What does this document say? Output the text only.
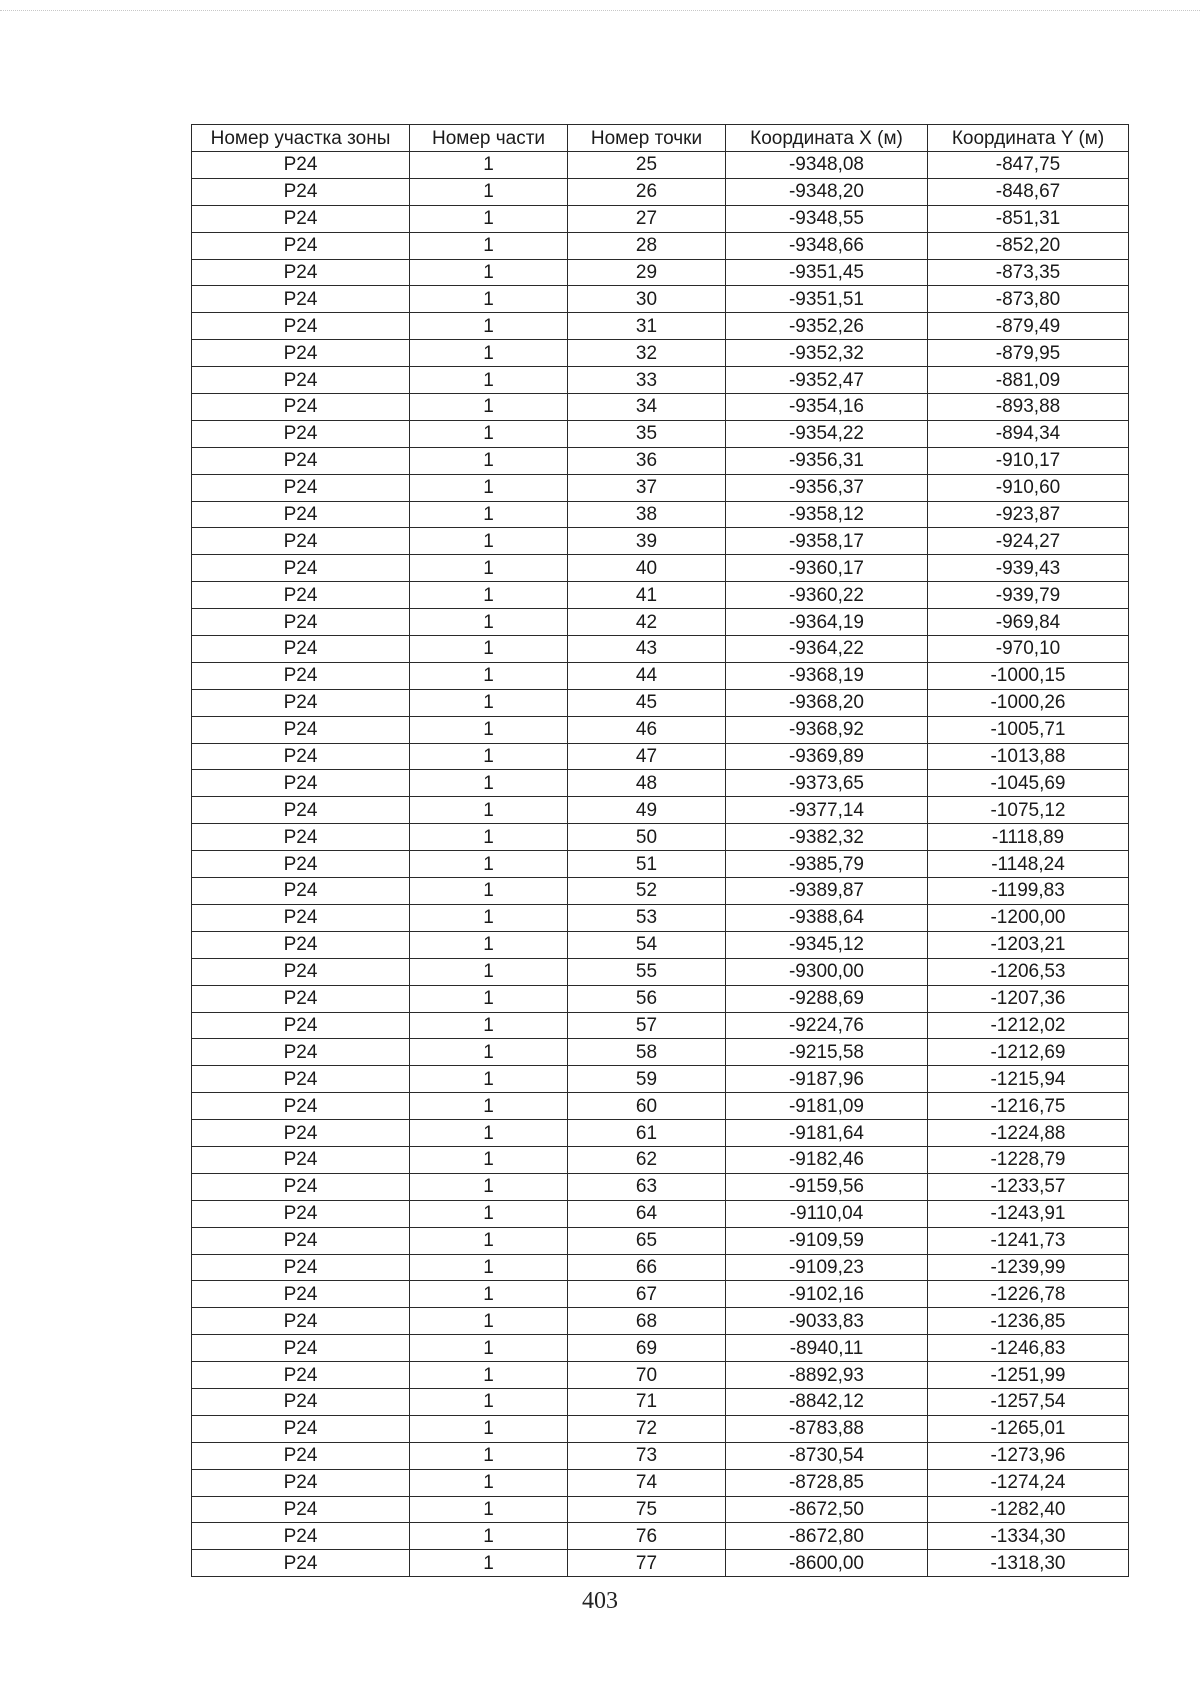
Номер участка зоны	Номер части	Номер точки	Координата X (м)	Координата Y (м)
P24	1	25	-9348,08	-847,75
P24	1	26	-9348,20	-848,67
P24	1	27	-9348,55	-851,31
P24	1	28	-9348,66	-852,20
P24	1	29	-9351,45	-873,35
P24	1	30	-9351,51	-873,80
P24	1	31	-9352,26	-879,49
P24	1	32	-9352,32	-879,95
P24	1	33	-9352,47	-881,09
P24	1	34	-9354,16	-893,88
P24	1	35	-9354,22	-894,34
P24	1	36	-9356,31	-910,17
P24	1	37	-9356,37	-910,60
P24	1	38	-9358,12	-923,87
P24	1	39	-9358,17	-924,27
P24	1	40	-9360,17	-939,43
P24	1	41	-9360,22	-939,79
P24	1	42	-9364,19	-969,84
P24	1	43	-9364,22	-970,10
P24	1	44	-9368,19	-1000,15
P24	1	45	-9368,20	-1000,26
P24	1	46	-9368,92	-1005,71
P24	1	47	-9369,89	-1013,88
P24	1	48	-9373,65	-1045,69
P24	1	49	-9377,14	-1075,12
P24	1	50	-9382,32	-1118,89
P24	1	51	-9385,79	-1148,24
P24	1	52	-9389,87	-1199,83
P24	1	53	-9388,64	-1200,00
P24	1	54	-9345,12	-1203,21
P24	1	55	-9300,00	-1206,53
P24	1	56	-9288,69	-1207,36
P24	1	57	-9224,76	-1212,02
P24	1	58	-9215,58	-1212,69
P24	1	59	-9187,96	-1215,94
P24	1	60	-9181,09	-1216,75
P24	1	61	-9181,64	-1224,88
P24	1	62	-9182,46	-1228,79
P24	1	63	-9159,56	-1233,57
P24	1	64	-9110,04	-1243,91
P24	1	65	-9109,59	-1241,73
P24	1	66	-9109,23	-1239,99
P24	1	67	-9102,16	-1226,78
P24	1	68	-9033,83	-1236,85
P24	1	69	-8940,11	-1246,83
P24	1	70	-8892,93	-1251,99
P24	1	71	-8842,12	-1257,54
P24	1	72	-8783,88	-1265,01
P24	1	73	-8730,54	-1273,96
P24	1	74	-8728,85	-1274,24
P24	1	75	-8672,50	-1282,40
P24	1	76	-8672,80	-1334,30
P24	1	77	-8600,00	-1318,30
403
